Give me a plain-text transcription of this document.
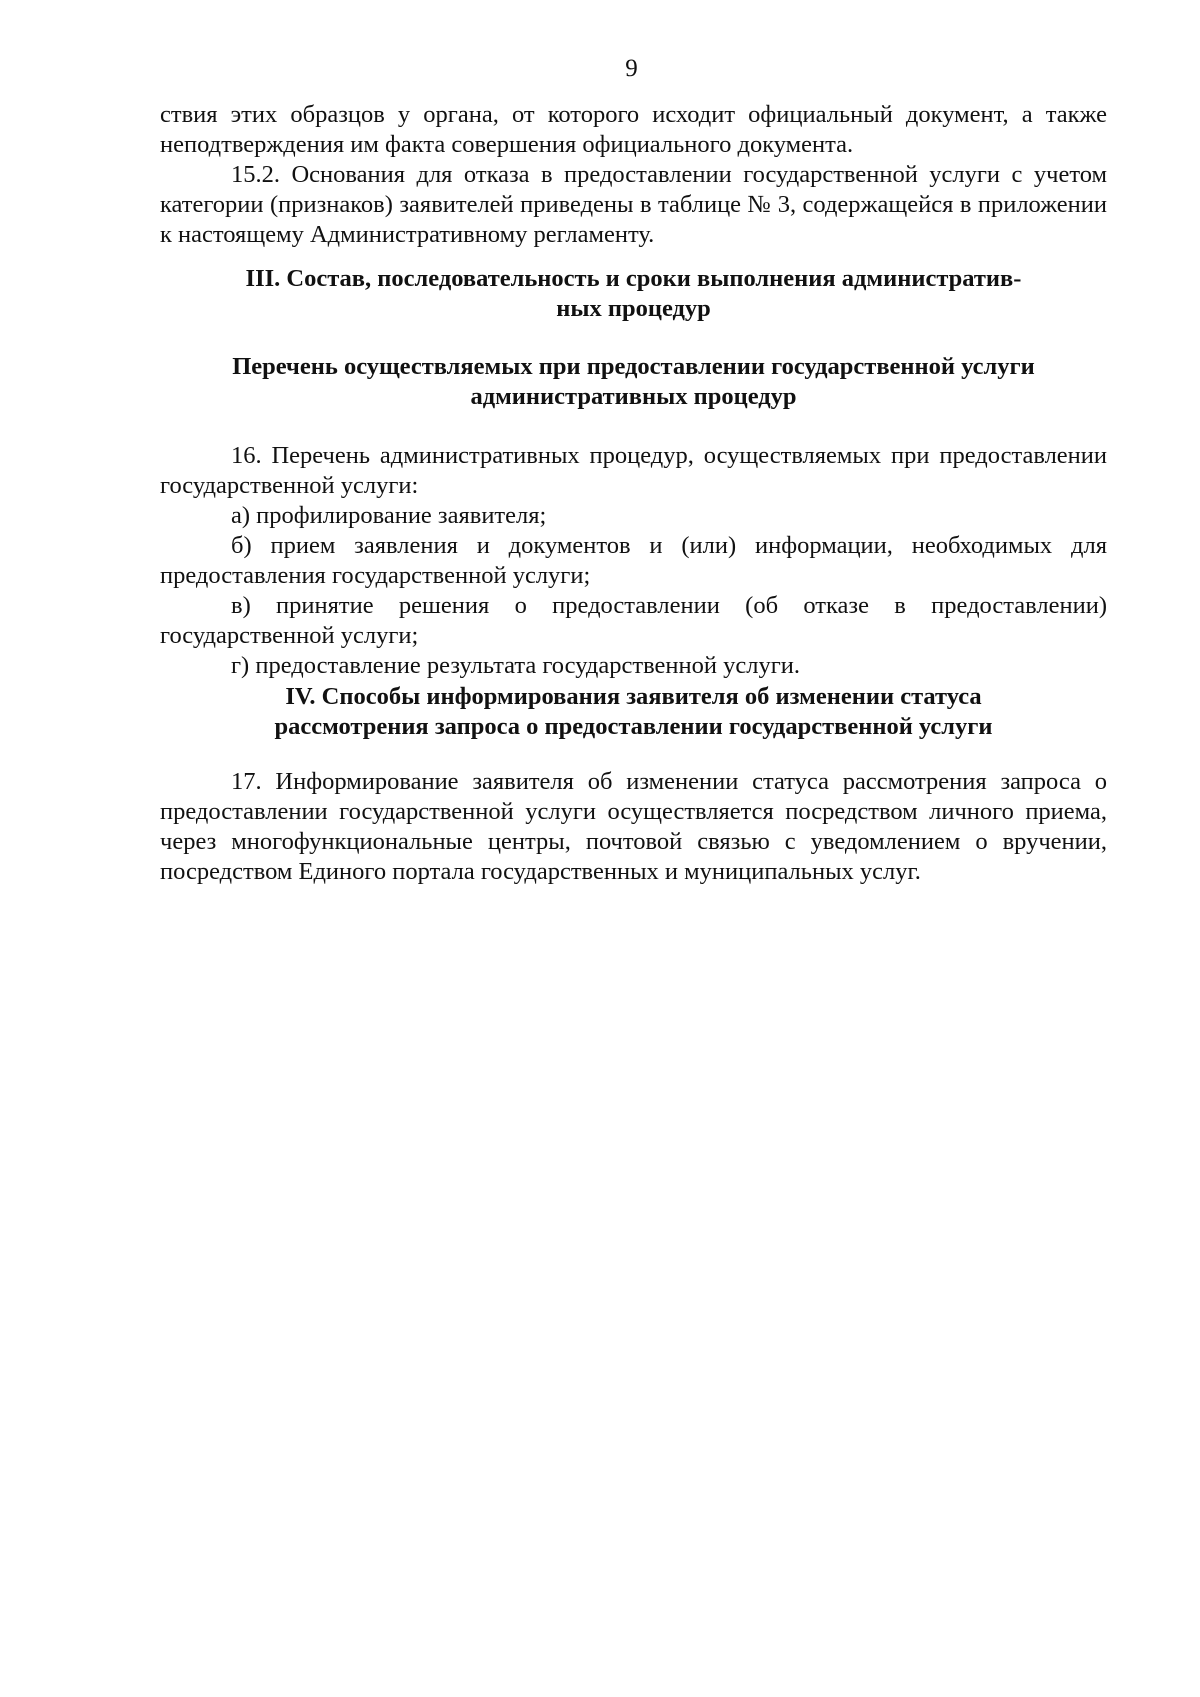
9

ствия этих образцов у органа, от которого исходит официальный документ, а также неподтверждения им факта совершения официального документа.

15.2. Основания для отказа в предоставлении государственной услуги с учетом категории (признаков) заявителей приведены в таблице № 3, содержащейся в приложении к настоящему Административному регламенту.

III. Состав, последовательность и сроки выполнения административ-
ных процедур
Перечень осуществляемых при предоставлении государственной услуги
административных процедур

16. Перечень административных процедур, осуществляемых при предоставлении государственной услуги:

а) профилирование заявителя;

б) прием заявления и документов и (или) информации, необходимых для предоставления государственной услуги;

в) принятие решения о предоставлении (об отказе в предоставлении) государственной услуги;

г) предоставление результата государственной услуги.

IV. Способы информирования заявителя об изменении статуса
рассмотрения запроса о предоставлении государственной услуги

17. Информирование заявителя об изменении статуса рассмотрения запроса о предоставлении государственной услуги осуществляется посредством личного приема, через многофункциональные центры, почтовой связью с уведомлением о вручении, посредством Единого портала государственных и муниципальных услуг.
